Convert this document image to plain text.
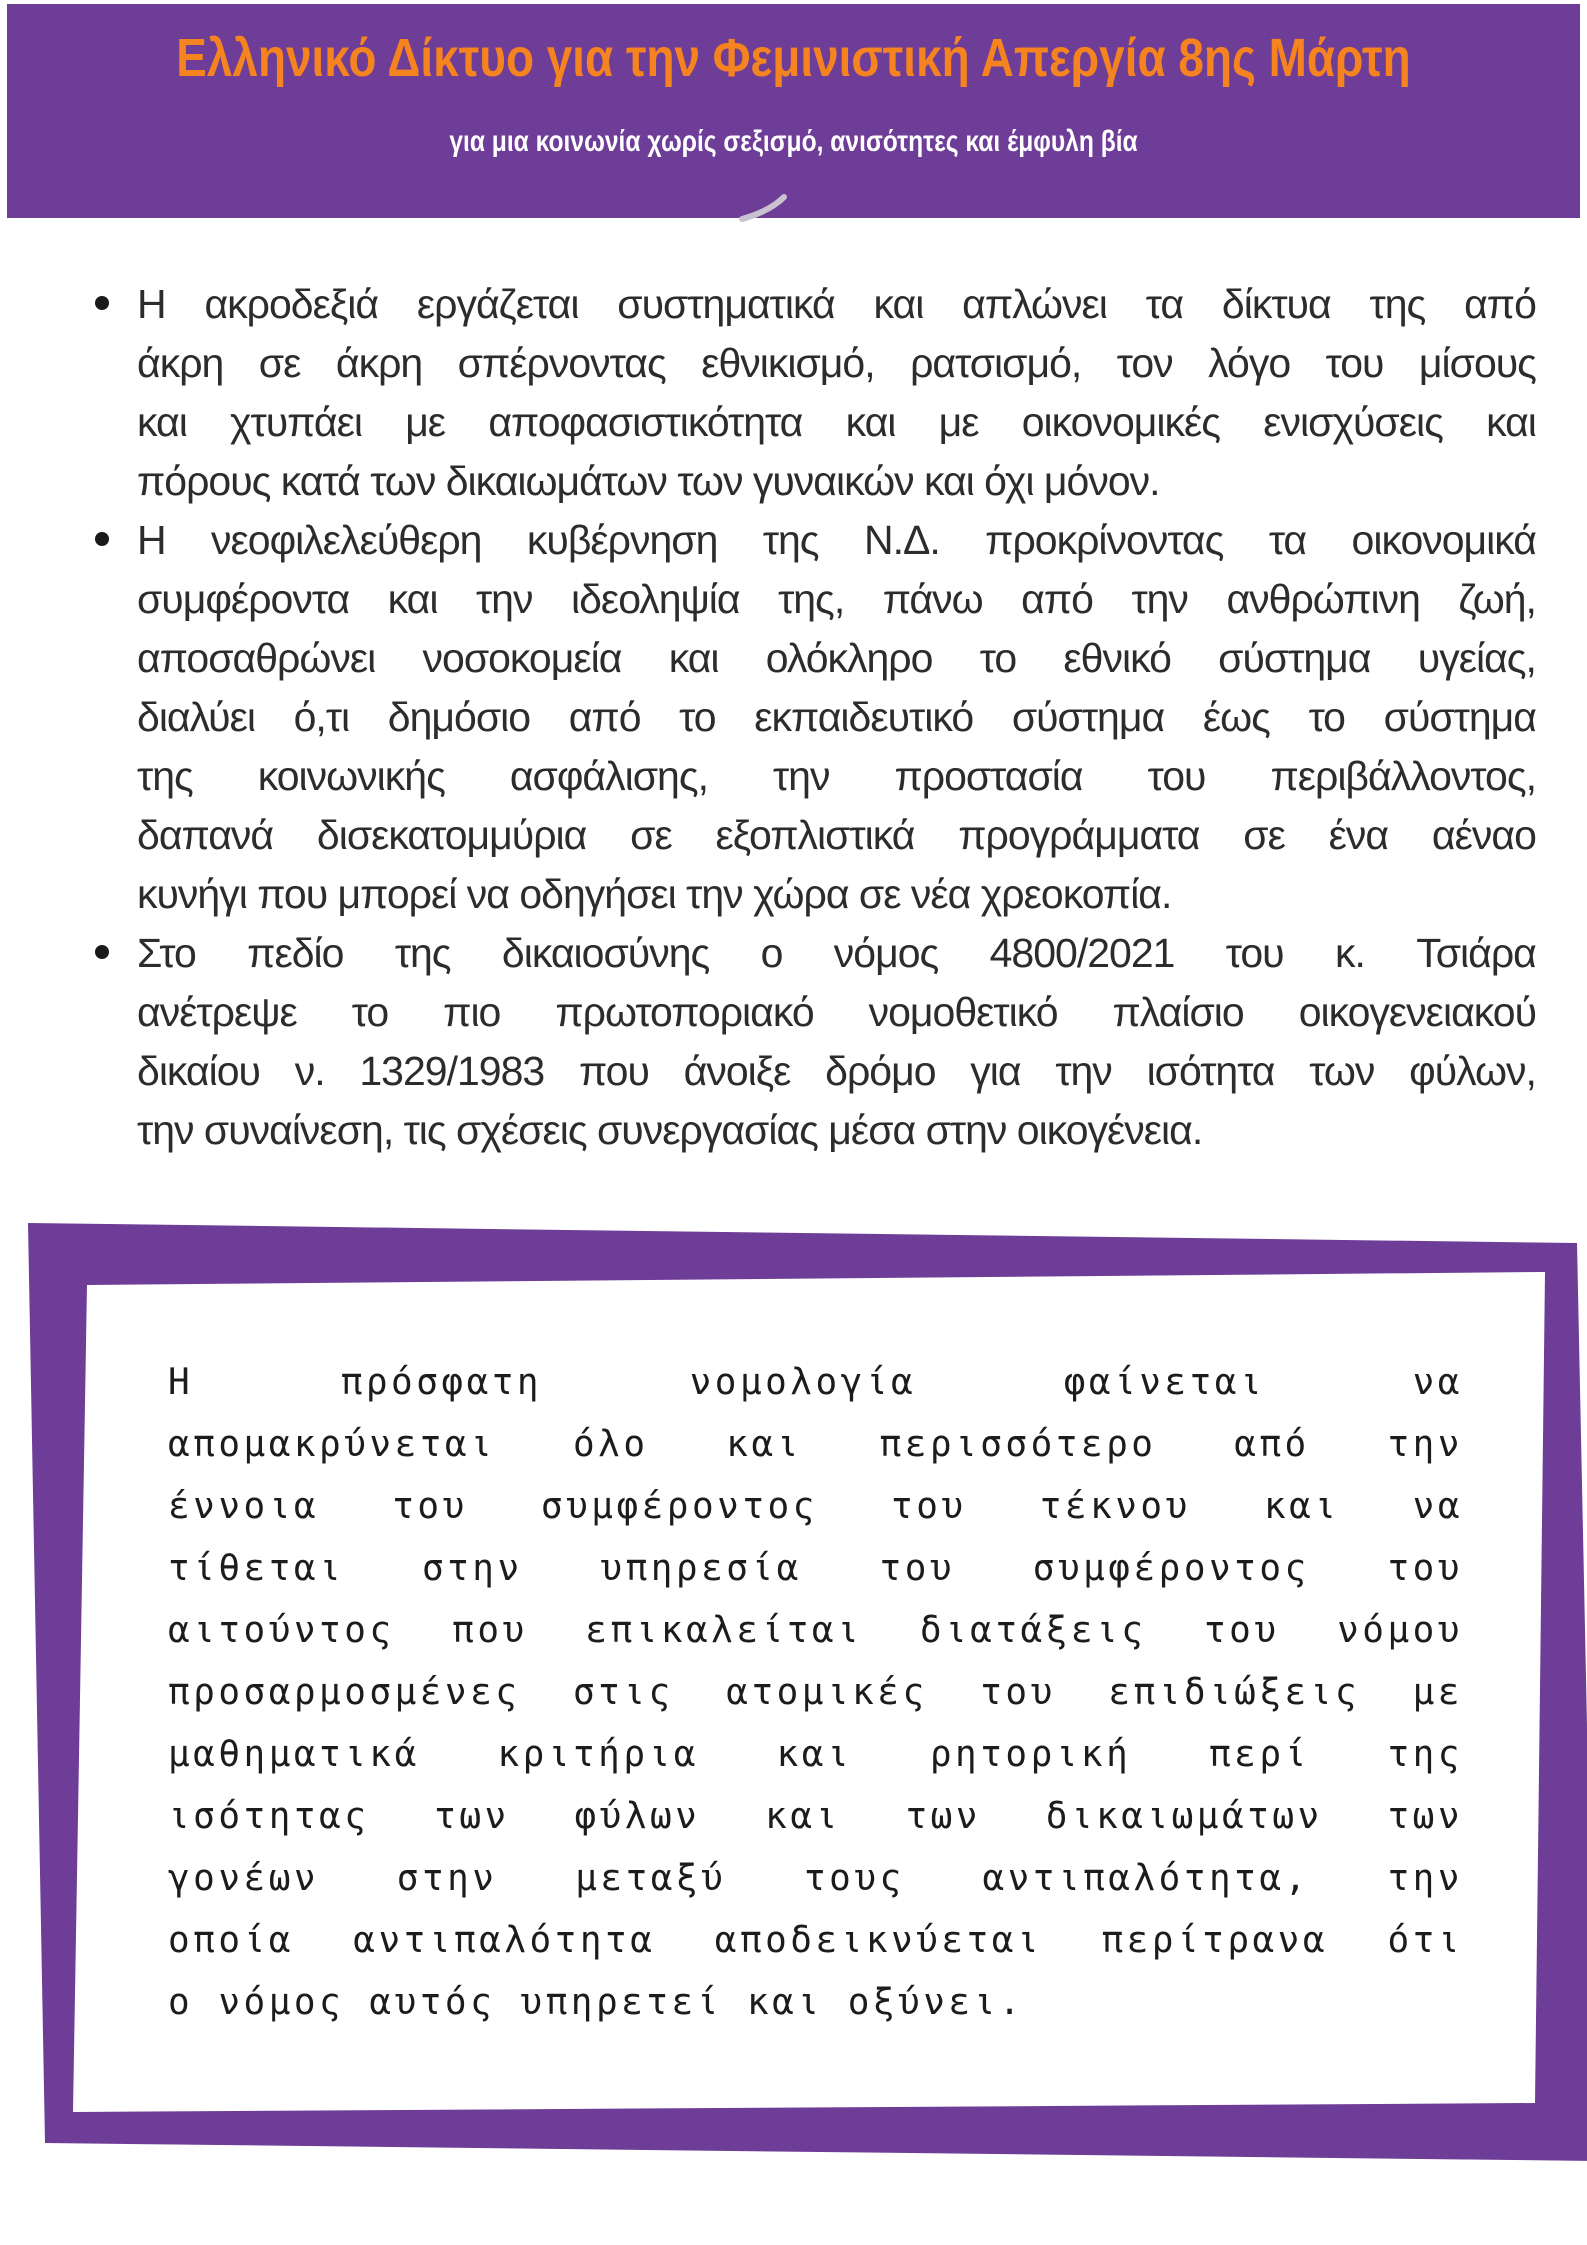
Ελληνικό Δίκτυο για την Φεμινιστική Απεργία 8ης Μάρτη

για μια κοινωνία χωρίς σεξισμό, ανισότητες και έμφυλη βία

Η ακροδεξιά εργάζεται συστηματικά και απλώνει τα δίκτυα της από
άκρη σε άκρη σπέρνοντας εθνικισμό, ρατσισμό, τον λόγο του μίσους
και χτυπάει με αποφασιστικότητα και με οικονομικές ενισχύσεις και
πόρους κατά των δικαιωμάτων των γυναικών και όχι μόνον.
Η νεοφιλελεύθερη κυβέρνηση της Ν.Δ. προκρίνοντας τα οικονομικά
συμφέροντα και την ιδεοληψία της, πάνω από την ανθρώπινη ζωή,
αποσαθρώνει νοσοκομεία και ολόκληρο το εθνικό σύστημα υγείας,
διαλύει ό,τι δημόσιο από το εκπαιδευτικό σύστημα έως το σύστημα
της κοινωνικής ασφάλισης, την προστασία του περιβάλλοντος,
δαπανά δισεκατομμύρια σε εξοπλιστικά προγράμματα σε ένα αέναο
κυνήγι που μπορεί να οδηγήσει την χώρα σε νέα χρεοκοπία.
Στο πεδίο της δικαιοσύνης ο νόμος 4800/2021 του κ. Τσιάρα
ανέτρεψε το πιο πρωτοποριακό νομοθετικό πλαίσιο οικογενειακού
δικαίου ν. 1329/1983 που άνοιξε δρόμο για την ισότητα των φύλων,
την συναίνεση, τις σχέσεις συνεργασίας μέσα στην οικογένεια.
Η	πρόσφατη	νομολογία	φαίνεται	να
απομακρύνεται όλο και περισσότερο από την
έννοια του συμφέροντος του τέκνου και να
τίθεται στην υπηρεσία του συμφέροντος του
αιτούντος που επικαλείται διατάξεις του νόμου
προσαρμοσμένες στις ατομικές του επιδιώξεις με
μαθηματικά κριτήρια και ρητορική περί της
ισότητας των φύλων και των δικαιωμάτων των
γονέων στην μεταξύ τους αντιπαλότητα, την
οποία αντιπαλότητα αποδεικνύεται περίτρανα ότι
ο νόμος αυτός υπηρετεί και οξύνει.
